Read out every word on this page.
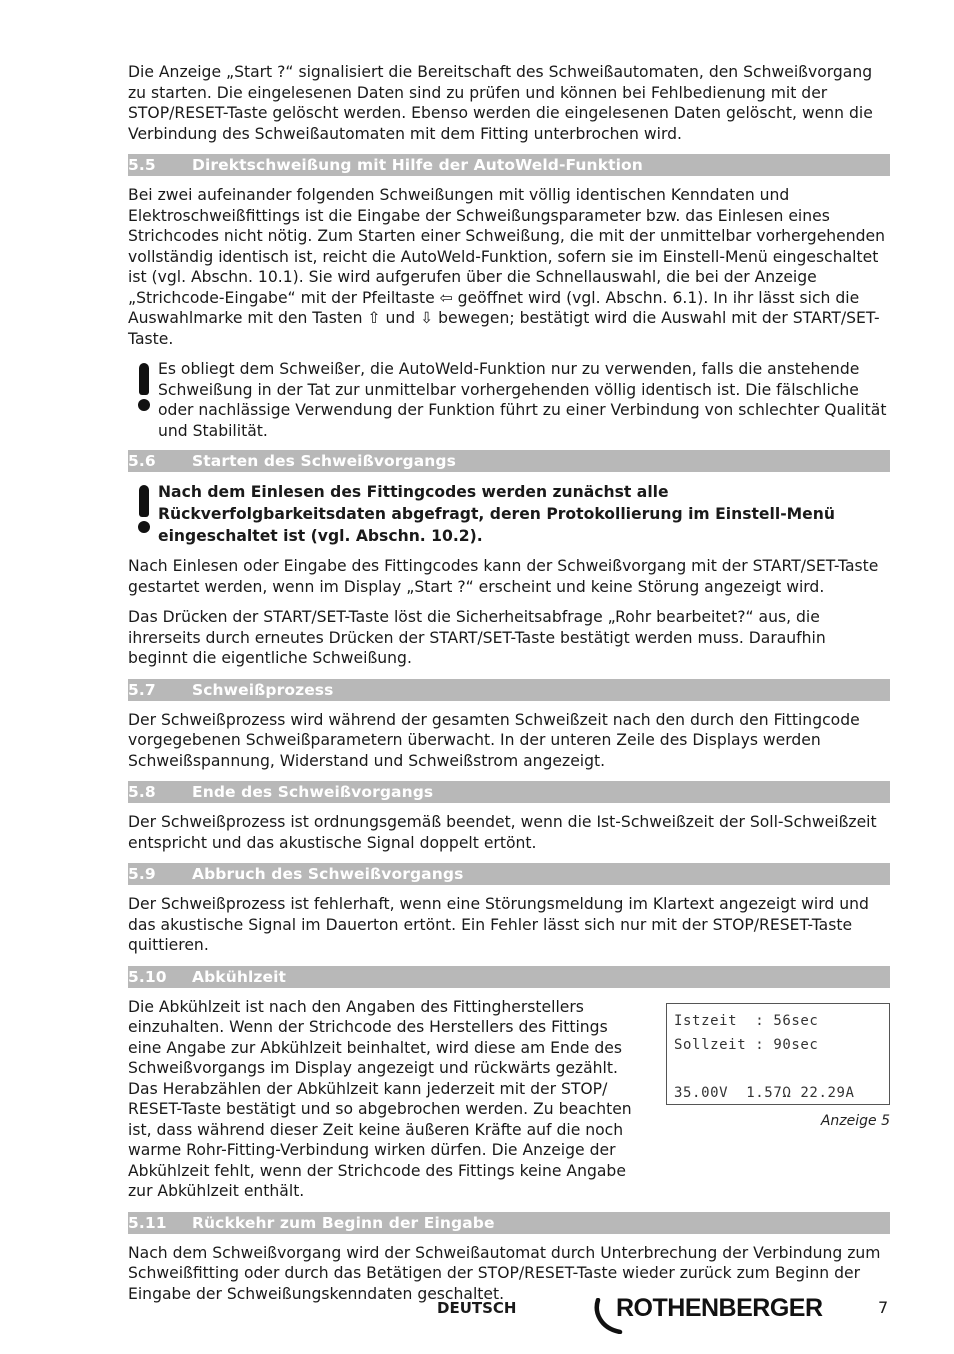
Die Anzeige „Start ?“ signalisiert die Bereitschaft des Schweißautomaten, den Schweißvorgang zu starten. Die eingelesenen Daten sind zu prüfen und können bei Fehlbedienung mit der STOP/RESET-Taste gelöscht werden. Ebenso werden die eingelesenen Daten gelöscht, wenn die Verbindung des Schweißautomaten mit dem Fitting unterbrochen wird.

5.5	Direktschweißung mit Hilfe der AutoWeld-Funktion

Bei zwei aufeinander folgenden Schweißungen mit völlig identischen Kenndaten und Elektroschweißfittings ist die Eingabe der Schweißungsparameter bzw. das Einlesen eines Strichcodes nicht nötig. Zum Starten einer Schweißung, die mit der unmittelbar vorhergehenden vollständig identisch ist, reicht die AutoWeld-Funktion, sofern sie im Einstell-Menü eingeschaltet ist (vgl. Abschn. 10.1). Sie wird aufgerufen über die Schnellauswahl, die bei der Anzeige „Strichcode-Eingabe“ mit der Pfeiltaste ⇦ geöffnet wird (vgl. Abschn. 6.1). In ihr lässt sich die Auswahlmarke mit den Tasten ⇧ und ⇩ bewegen; bestätigt wird die Auswahl mit der START/SET-Taste.

Es obliegt dem Schweißer, die AutoWeld-Funktion nur zu verwenden, falls die anstehende Schweißung in der Tat zur unmittelbar vorhergehenden völlig identisch ist. Die fälschliche oder nachlässige Verwendung der Funktion führt zu einer Verbindung von schlechter Qualität und Stabilität.

5.6	Starten des Schweißvorgangs

Nach dem Einlesen des Fittingcodes werden zunächst alle Rückverfolgbarkeitsdaten abgefragt, deren Protokollierung im Einstell-Menü eingeschaltet ist (vgl. Abschn. 10.2).

Nach Einlesen oder Eingabe des Fittingcodes kann der Schweißvorgang mit der START/SET-Taste gestartet werden, wenn im Display „Start ?“ erscheint und keine Störung angezeigt wird.

Das Drücken der START/SET-Taste löst die Sicherheitsabfrage „Rohr bearbeitet?“ aus, die ihrerseits durch erneutes Drücken der START/SET-Taste bestätigt werden muss. Daraufhin beginnt die eigentliche Schweißung.

5.7	Schweißprozess

Der Schweißprozess wird während der gesamten Schweißzeit nach den durch den Fittingcode vorgegebenen Schweißparametern überwacht. In der unteren Zeile des Displays werden Schweißspannung, Widerstand und Schweißstrom angezeigt.

5.8	Ende des Schweißvorgangs

Der Schweißprozess ist ordnungsgemäß beendet, wenn die Ist-Schweißzeit der Soll-Schweißzeit entspricht und das akustische Signal doppelt ertönt.

5.9	Abbruch des Schweißvorgangs

Der Schweißprozess ist fehlerhaft, wenn eine Störungsmeldung im Klartext angezeigt wird und das akustische Signal im Dauerton ertönt. Ein Fehler lässt sich nur mit der STOP/RESET-Taste quittieren.

5.10	Abkühlzeit

Die Abkühlzeit ist nach den Angaben des Fittingherstellers einzuhalten. Wenn der Strichcode des Herstellers des Fittings eine Angabe zur Abkühlzeit beinhaltet, wird diese am Ende des Schweißvorgangs im Display angezeigt und rückwärts gezählt. Das Herabzählen der Abkühlzeit kann jederzeit mit der STOP/ RESET-Taste bestätigt und so abgebrochen werden. Zu beachten ist, dass während dieser Zeit keine äußeren Kräfte auf die noch warme Rohr-Fitting-Verbindung wirken dürfen. Die Anzeige der Abkühlzeit fehlt, wenn der Strichcode des Fittings keine Angabe zur Abkühlzeit enthält.

Istzeit  : 56sec
Sollzeit : 90sec
35.00V  1.57Ω 22.29A
Anzeige 5
5.11	Rückkehr zum Beginn der Eingabe

Nach dem Schweißvorgang wird der Schweißautomat durch Unterbrechung der Verbindung zum Schweißfitting oder durch das Betätigen der STOP/RESET-Taste wieder zurück zum Beginn der Eingabe der Schweißungskenndaten geschaltet.

DEUTSCH	ROTHENBERGER	7
